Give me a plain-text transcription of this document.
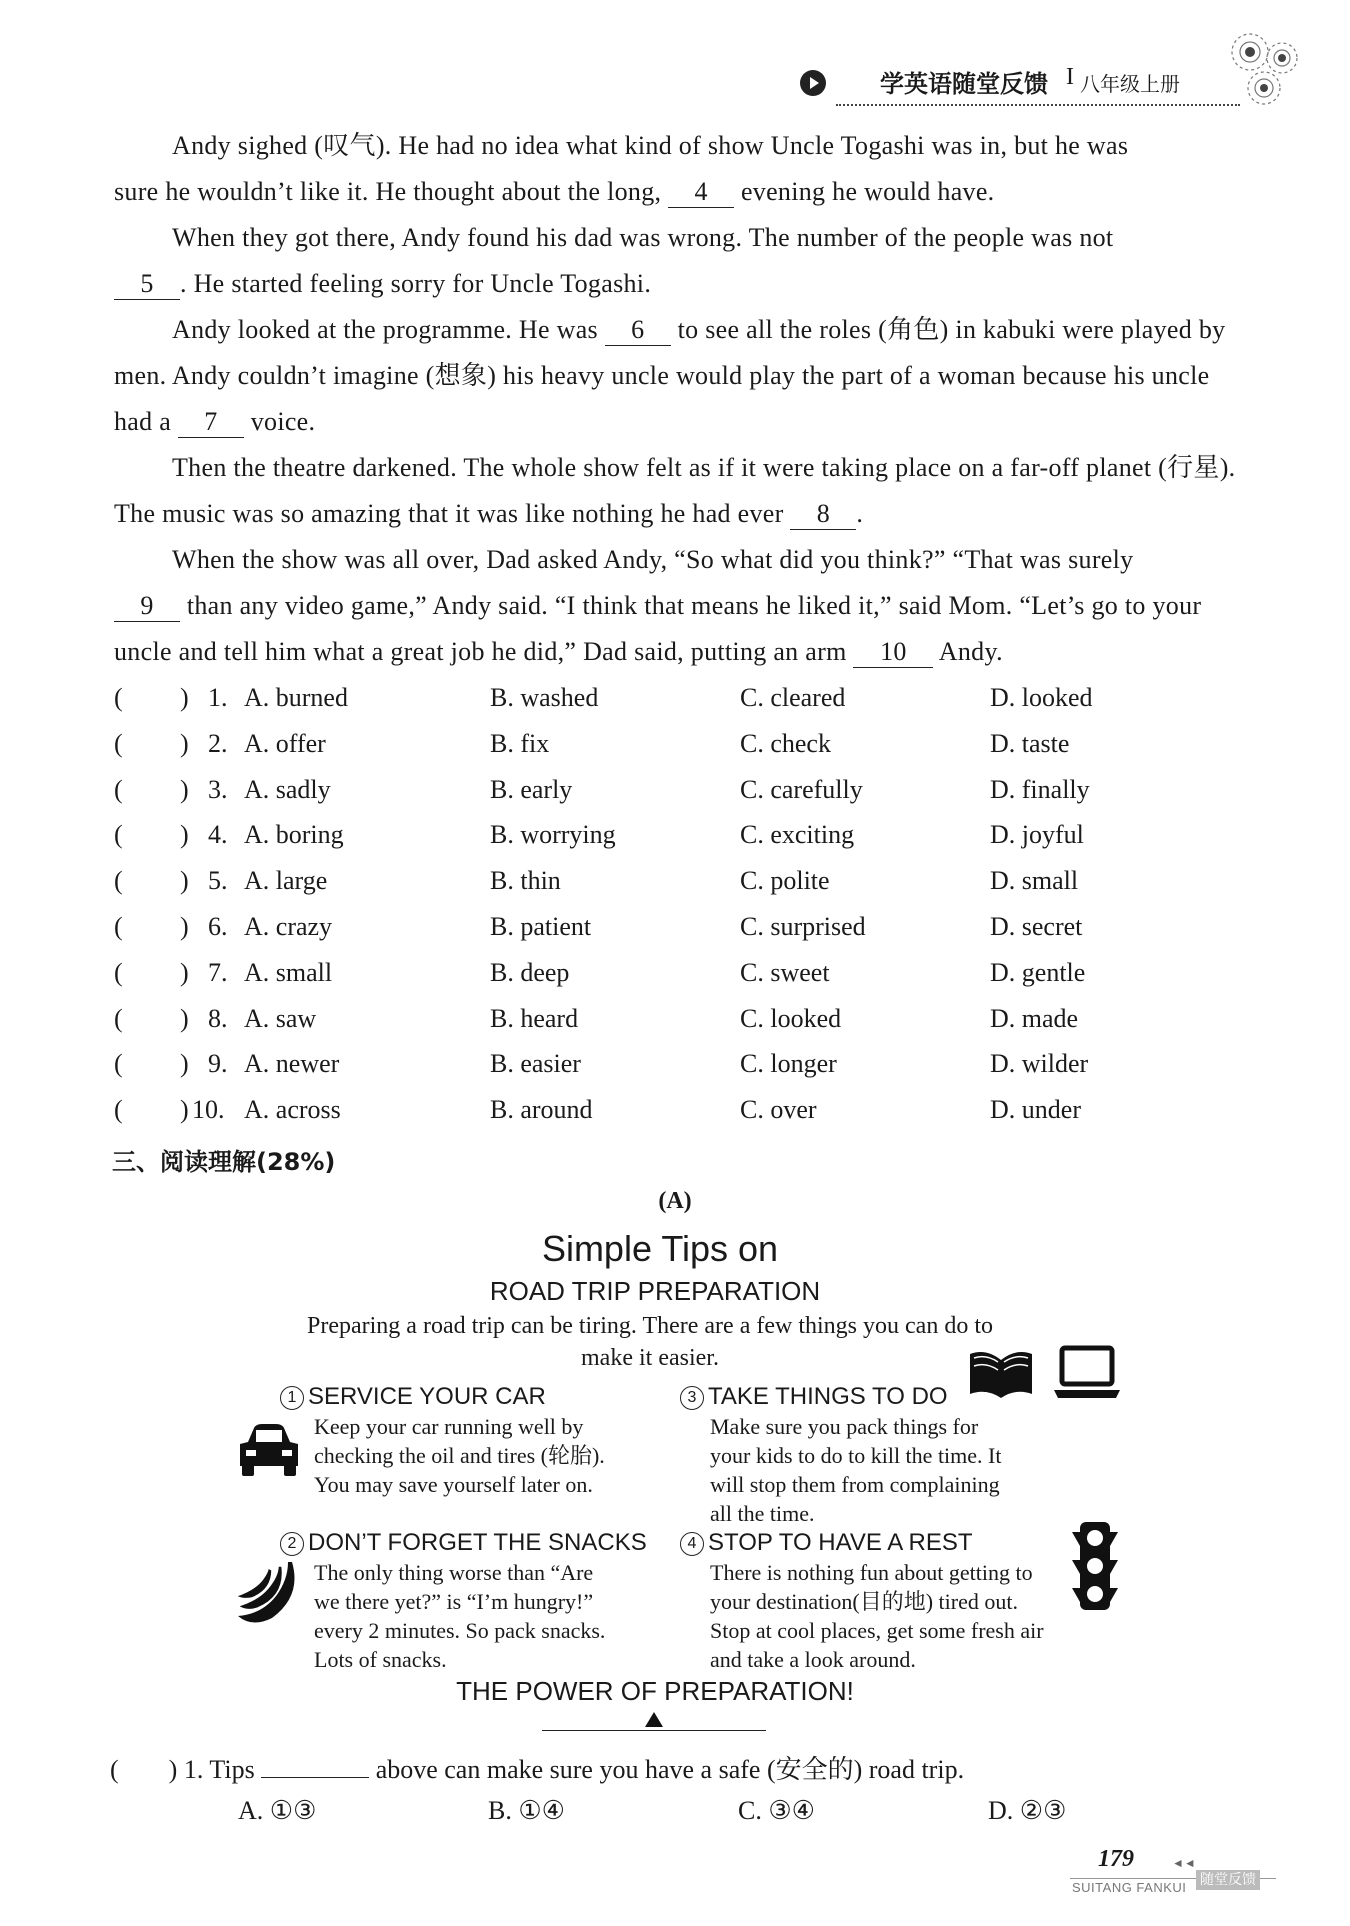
学英语随堂反馈 I 八年级上册

Andy sighed (叹气). He had no idea what kind of show Uncle Togashi was in, but he was
sure he wouldn’t like it. He thought about the long, 4 evening he would have.

When they got there, Andy found his dad was wrong. The number of the people was not
5 . He started feeling sorry for Uncle Togashi.

Andy looked at the programme. He was 6 to see all the roles (角色) in kabuki were played by men. Andy couldn’t imagine (想象) his heavy uncle would play the part of a woman because his uncle had a 7 voice.

Then the theatre darkened. The whole show felt as if it were taking place on a far-off planet (行星). The music was so amazing that it was like nothing he had ever 8 .

When the show was all over, Dad asked Andy, “So what did you think?” “That was surely
9 than any video game,” Andy said. “I think that means he liked it,” said Mom. “Let’s go to your uncle and tell him what a great job he did,” Dad said, putting an arm 10 Andy.

( ) 1. A. burned	B. washed	C. cleared	D. looked
( ) 2. A. offer	B. fix	C. check	D. taste
( ) 3. A. sadly	B. early	C. carefully	D. finally
( ) 4. A. boring	B. worrying	C. exciting	D. joyful
( ) 5. A. large	B. thin	C. polite	D. small
( ) 6. A. crazy	B. patient	C. surprised	D. secret
( ) 7. A. small	B. deep	C. sweet	D. gentle
( ) 8. A. saw	B. heard	C. looked	D. made
( ) 9. A. newer	B. easier	C. longer	D. wilder
( ) 10. A. across	B. around	C. over	D. under
三、阅读理解(28%)
(A)
Simple Tips on
ROAD TRIP PREPARATION
Preparing a road trip can be tiring. There are a few things you can do to
make it easier.
1 SERVICE YOUR CAR
Keep your car running well by
checking the oil and tires (轮胎).
You may save yourself later on.
3 TAKE THINGS TO DO
Make sure you pack things for
your kids to do to kill the time. It
will stop them from complaining
all the time.
2 DON’T FORGET THE SNACKS
The only thing worse than “Are
we there yet?” is “I’m hungry!”
every 2 minutes. So pack snacks.
Lots of snacks.
4 STOP TO HAVE A REST
There is nothing fun about getting to
your destination(目的地) tired out.
Stop at cool places, get some fresh air
and take a look around.
THE POWER OF PREPARATION!
( ) 1. Tips	above can make sure you have a safe (安全的) road trip.
A. ①③	B. ①④	C. ③④	D. ②③
179	◄◄
SUITANG FANKUI 随堂反馈
